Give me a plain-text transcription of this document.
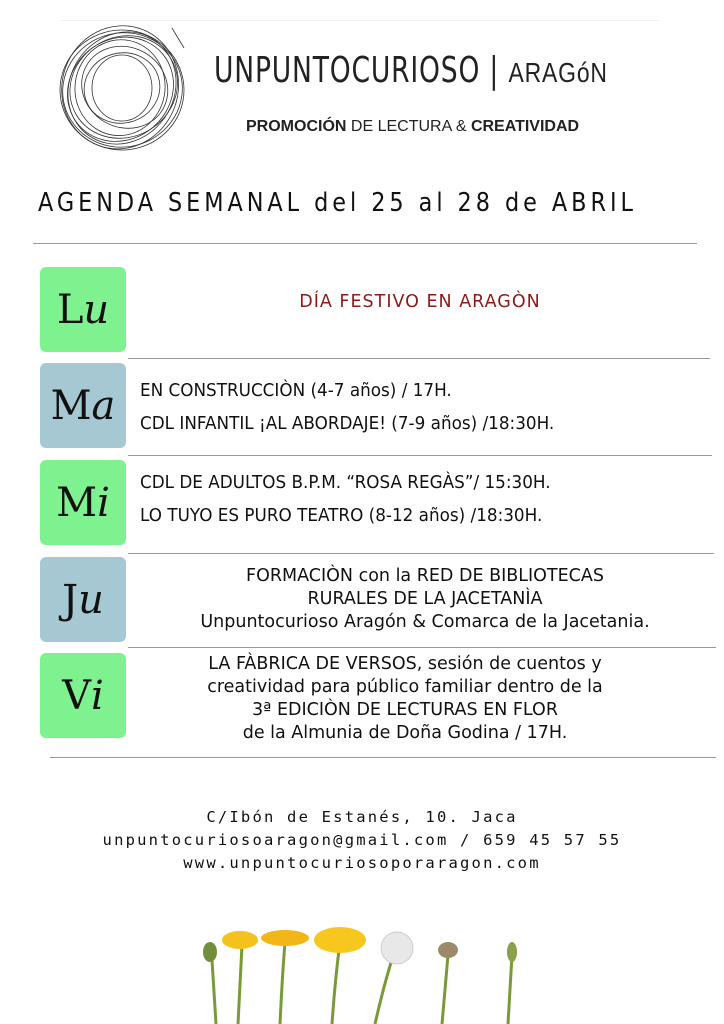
UNPUNTOCURIOSO | ARAGóN
PROMOCIÓN DE LECTURA & CREATIVIDAD
AGENDA SEMANAL del 25 al 28 de ABRIL
L u	DÍA FESTIVO EN ARAGÒN
M a EN CONSTRUCCIÒN (4-7 años) / 17H.
CDL INFANTIL ¡AL ABORDAJE! (7-9 años) /18:30H.
M i CDL DE ADULTOS B.P.M. “ROSA REGÀS”/ 15:30H.
LO TUYO ES PURO TEATRO (8-12 años) /18:30H.
J u
FORMACIÒN con la RED DE BIBLIOTECAS
RURALES DE LA JACETANÌA
Unpuntocurioso Aragón & Comarca de la Jacetania.
V i
LA FÀBRICA DE VERSOS, sesión de cuentos y
creatividad para público familiar dentro de la
3ª EDICIÒN DE LECTURAS EN FLOR
de la Almunia de Doña Godina / 17H.
C/Ibón de Estanés, 10. Jaca
unpuntocuriosoaragon@gmail.com / 659 45 57 55
www.unpuntocuriosoporaragon.com
